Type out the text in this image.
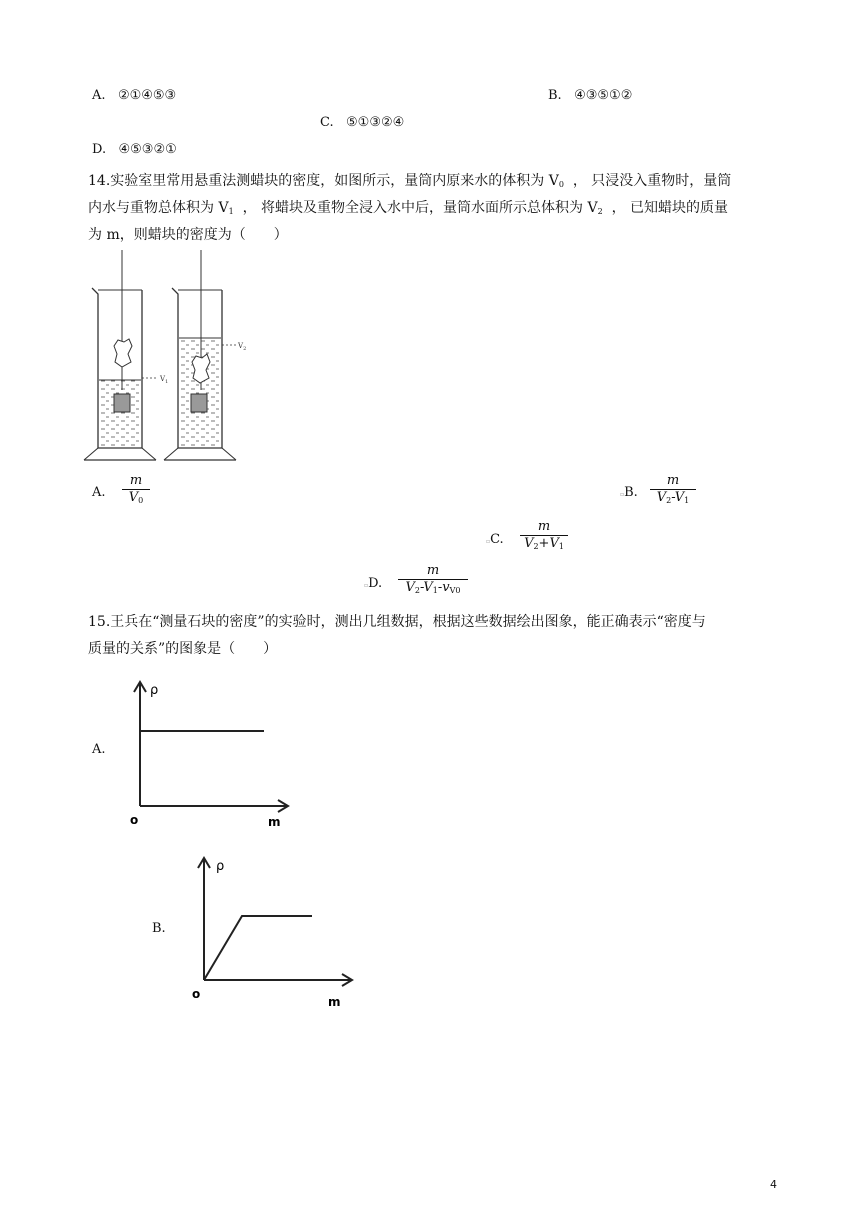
A. ②①④⑤③	B. ④③⑤①②
C. ⑤①③②④
D. ④⑤③②①
14.实验室里常用悬重法测蜡块的密度，如图所示，量筒内原来水的体积为 $V_0$ ， 只浸没入重物时，量筒
内水与重物总体积为 $V_1$ ， 将蜡块及重物全浸入水中后，量筒水面所示总体积为 $V_2$ ， 已知蜡块的质量
为 m，则蜡块的密度为（　　）
$V_1$
$V_2$
A.
m
$V_0$
▫B.
m
$V_2-V_1$
▫C.
m
$V_2+V_1$
▫D.
m
$V_2-V_1-v_{V0}$
15.王兵在“测量石块的密度”的实验时，测出几组数据，根据这些数据绘出图象，能正确表示“密度与
质量的关系”的图象是（　　）
A.
ρ
o	m
B.
ρ
o
m
4
